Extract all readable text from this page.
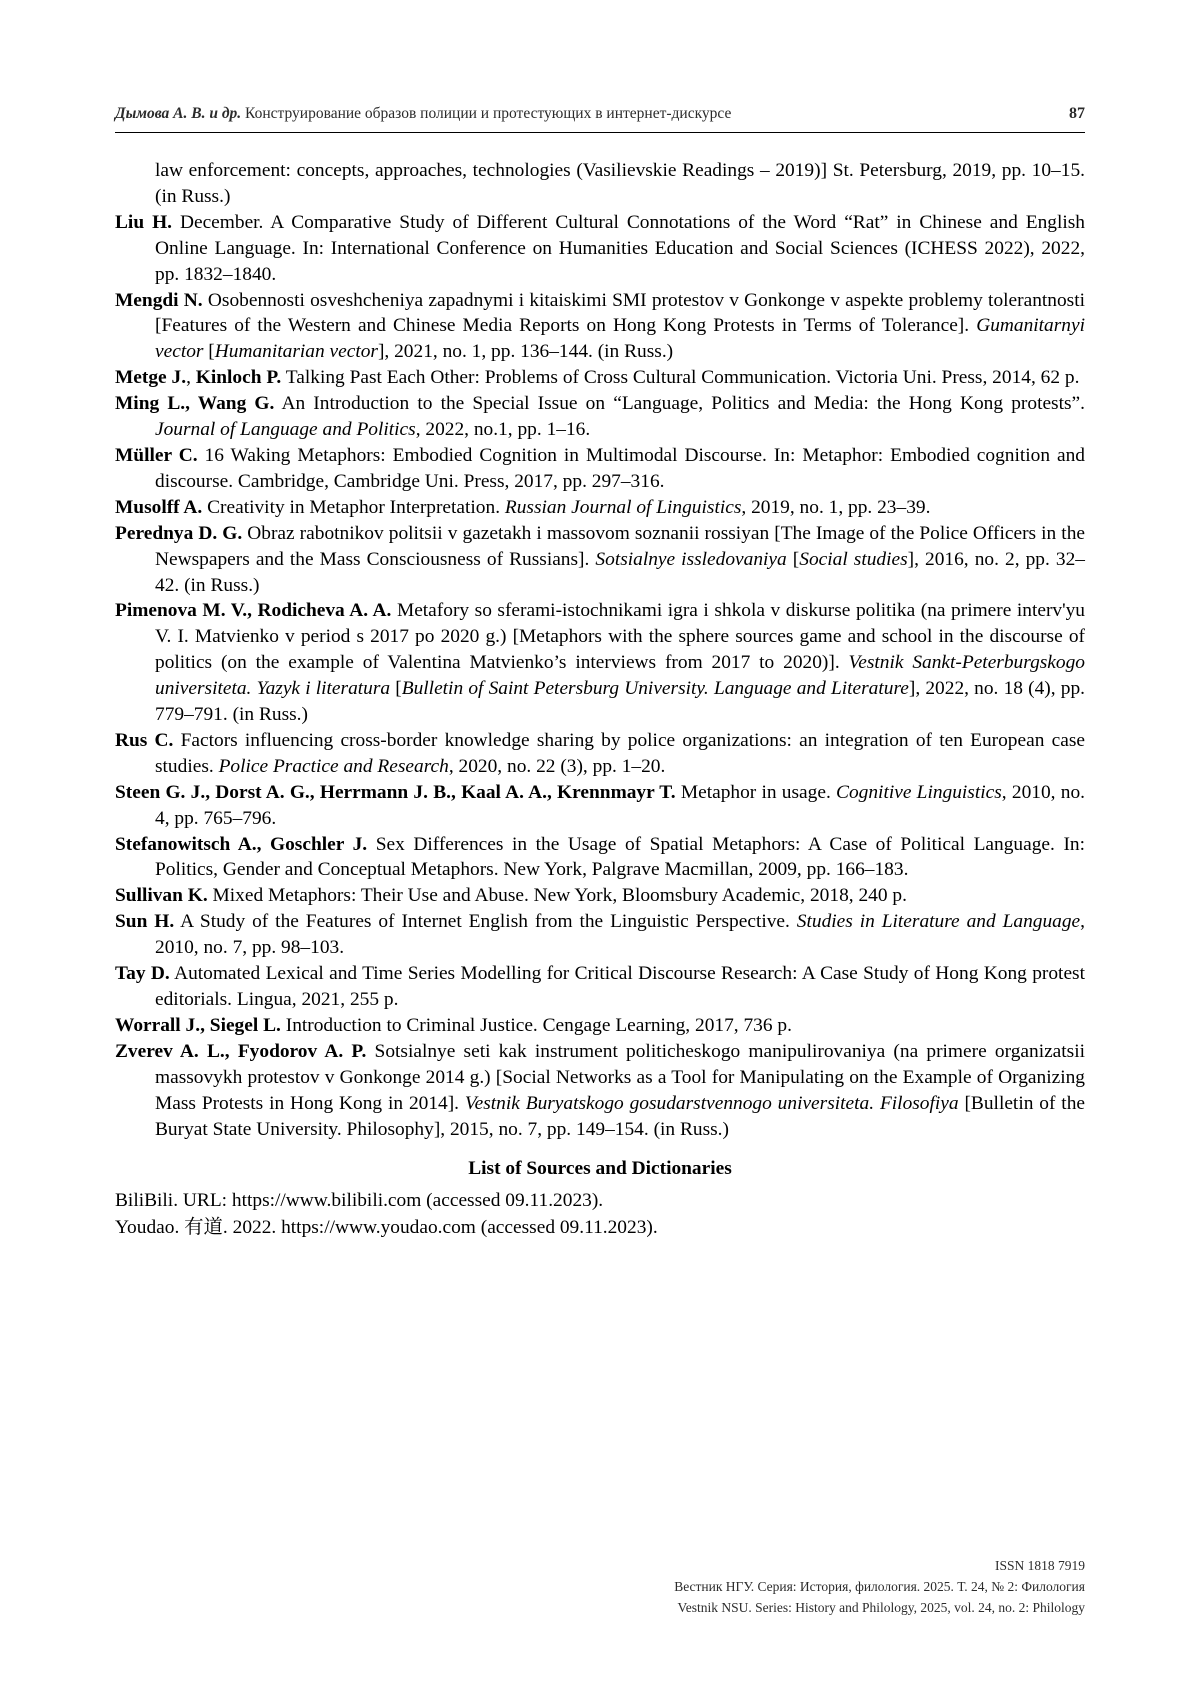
Дымова А. В. и др. Конструирование образов полиции и протестующих в интернет-дискурсе	87

law enforcement: concepts, approaches, technologies (Vasilievskie Readings – 2019)] St. Petersburg, 2019, pp. 10–15. (in Russ.)

Liu H. December. A Comparative Study of Different Cultural Connotations of the Word “Rat” in Chinese and English Online Language. In: International Conference on Humanities Education and Social Sciences (ICHESS 2022), 2022, pp. 1832–1840.

Mengdi N. Osobennosti osveshcheniya zapadnymi i kitaiskimi SMI protestov v Gonkonge v aspekte problemy tolerantnosti [Features of the Western and Chinese Media Reports on Hong Kong Protests in Terms of Tolerance]. Gumanitarnyi vector [Humanitarian vector], 2021, no. 1, pp. 136–144. (in Russ.)

Metge J., Kinloch P. Talking Past Each Other: Problems of Cross Cultural Communication. Victoria Uni. Press, 2014, 62 p.

Ming L., Wang G. An Introduction to the Special Issue on “Language, Politics and Media: the Hong Kong protests”. Journal of Language and Politics, 2022, no.1, pp. 1–16.

Müller C. 16 Waking Metaphors: Embodied Cognition in Multimodal Discourse. In: Metaphor: Embodied cognition and discourse. Cambridge, Cambridge Uni. Press, 2017, pp. 297–316.

Musolff A. Creativity in Metaphor Interpretation. Russian Journal of Linguistics, 2019, no. 1, pp. 23–39.

Perednya D. G. Obraz rabotnikov politsii v gazetakh i massovom soznanii rossiyan [The Image of the Police Officers in the Newspapers and the Mass Consciousness of Russians]. Sotsialnye issledovaniya [Social studies], 2016, no. 2, pp. 32–42. (in Russ.)

Pimenova M. V., Rodicheva A. A. Metafory so sferami-istochnikami igra i shkola v diskurse politika (na primere interv'yu V. I. Matvienko v period s 2017 po 2020 g.) [Metaphors with the sphere sources game and school in the discourse of politics (on the example of Valentina Matvienko’s interviews from 2017 to 2020)]. Vestnik Sankt-Peterburgskogo universiteta. Yazyk i literatura [Bulletin of Saint Petersburg University. Language and Literature], 2022, no. 18 (4), pp. 779–791. (in Russ.)

Rus C. Factors influencing cross-border knowledge sharing by police organizations: an integration of ten European case studies. Police Practice and Research, 2020, no. 22 (3), pp. 1–20.

Steen G. J., Dorst A. G., Herrmann J. B., Kaal A. A., Krennmayr T. Metaphor in usage. Cognitive Linguistics, 2010, no. 4, pp. 765–796.

Stefanowitsch A., Goschler J. Sex Differences in the Usage of Spatial Metaphors: A Case of Political Language. In: Politics, Gender and Conceptual Metaphors. New York, Palgrave Macmillan, 2009, pp. 166–183.

Sullivan K. Mixed Metaphors: Their Use and Abuse. New York, Bloomsbury Academic, 2018, 240 p.

Sun H. A Study of the Features of Internet English from the Linguistic Perspective. Studies in Literature and Language, 2010, no. 7, pp. 98–103.

Tay D. Automated Lexical and Time Series Modelling for Critical Discourse Research: A Case Study of Hong Kong protest editorials. Lingua, 2021, 255 p.

Worrall J., Siegel L. Introduction to Criminal Justice. Cengage Learning, 2017, 736 p.

Zverev A. L., Fyodorov A. P. Sotsialnye seti kak instrument politicheskogo manipulirovaniya (na primere organizatsii massovykh protestov v Gonkonge 2014 g.) [Social Networks as a Tool for Manipulating on the Example of Organizing Mass Protests in Hong Kong in 2014]. Vestnik Buryatskogo gosudarstvennogo universiteta. Filosofiya [Bulletin of the Buryat State University. Philosophy], 2015, no. 7, pp. 149–154. (in Russ.)

List of Sources and Dictionaries

BiliBili. URL: https://www.bilibili.com (accessed 09.11.2023).

Youdao. 有道. 2022. https://www.youdao.com (accessed 09.11.2023).

ISSN 1818 7919
Вестник НГУ. Серия: История, филология. 2025. Т. 24, № 2: Филология
Vestnik NSU. Series: History and Philology, 2025, vol. 24, no. 2: Philology
